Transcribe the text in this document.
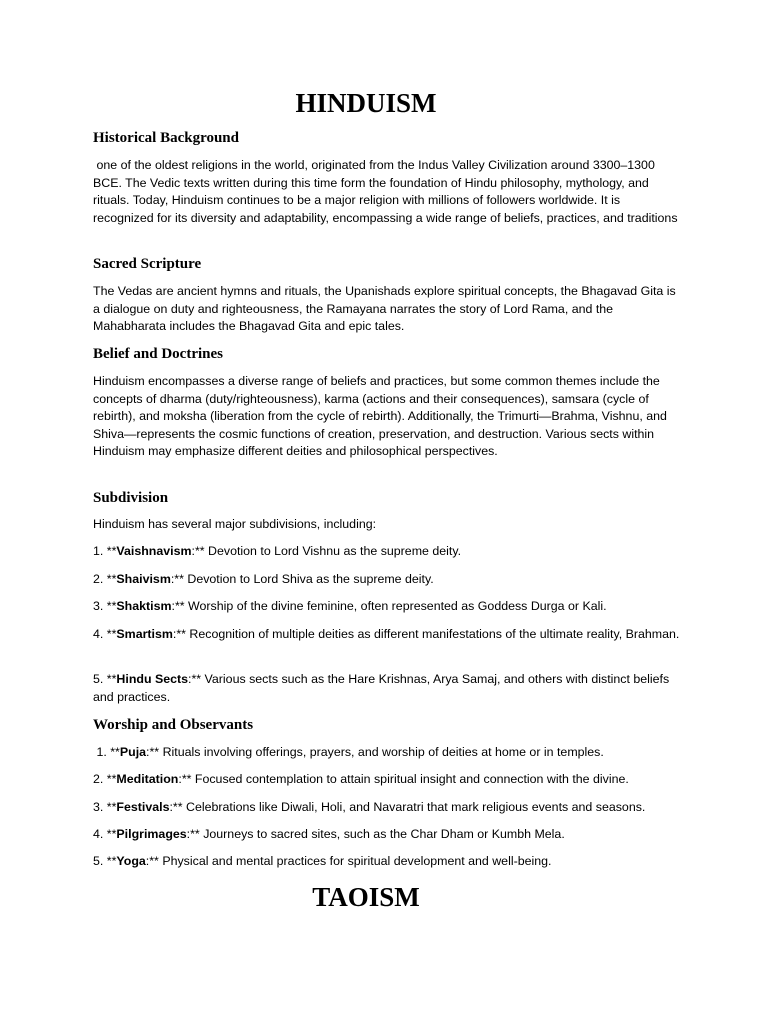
HINDUISM
Historical Background

one of the oldest religions in the world, originated from the Indus Valley Civilization around 3300–1300 BCE. The Vedic texts written during this time form the foundation of Hindu philosophy, mythology, and rituals. Today, Hinduism continues to be a major religion with millions of followers worldwide. It is recognized for its diversity and adaptability, encompassing a wide range of beliefs, practices, and traditions

Sacred Scripture

The Vedas are ancient hymns and rituals, the Upanishads explore spiritual concepts, the Bhagavad Gita is a dialogue on duty and righteousness, the Ramayana narrates the story of Lord Rama, and the Mahabharata includes the Bhagavad Gita and epic tales.

Belief and Doctrines

Hinduism encompasses a diverse range of beliefs and practices, but some common themes include the concepts of dharma (duty/righteousness), karma (actions and their consequences), samsara (cycle of rebirth), and moksha (liberation from the cycle of rebirth). Additionally, the Trimurti—Brahma, Vishnu, and Shiva—represents the cosmic functions of creation, preservation, and destruction. Various sects within Hinduism may emphasize different deities and philosophical perspectives.

Subdivision

Hinduism has several major subdivisions, including:

1. **Vaishnavism:** Devotion to Lord Vishnu as the supreme deity.

2. **Shaivism:** Devotion to Lord Shiva as the supreme deity.

3. **Shaktism:** Worship of the divine feminine, often represented as Goddess Durga or Kali.

4. **Smartism:** Recognition of multiple deities as different manifestations of the ultimate reality, Brahman.

5. **Hindu Sects:** Various sects such as the Hare Krishnas, Arya Samaj, and others with distinct beliefs and practices.

Worship and Observants

1. **Puja:** Rituals involving offerings, prayers, and worship of deities at home or in temples.

2. **Meditation:** Focused contemplation to attain spiritual insight and connection with the divine.

3. **Festivals:** Celebrations like Diwali, Holi, and Navaratri that mark religious events and seasons.

4. **Pilgrimages:** Journeys to sacred sites, such as the Char Dham or Kumbh Mela.

5. **Yoga:** Physical and mental practices for spiritual development and well-being.

TAOISM
